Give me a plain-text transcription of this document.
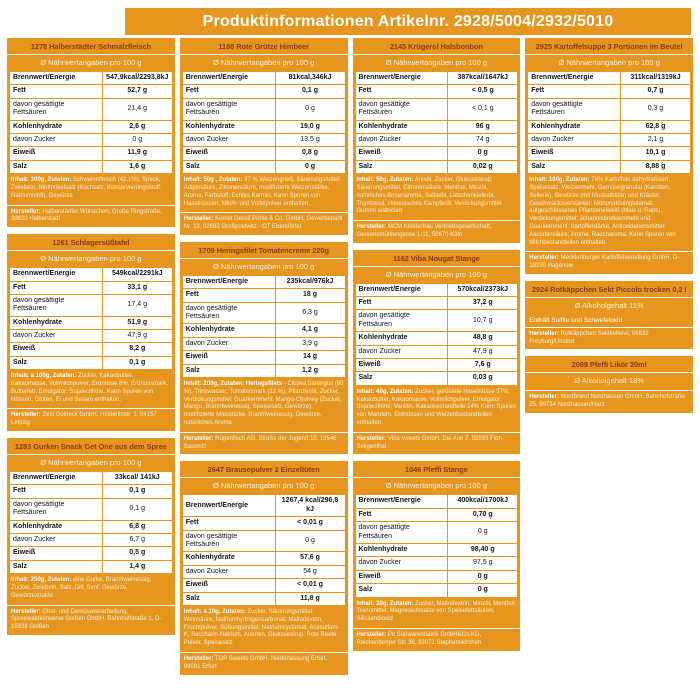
Produktinformationen Artikelnr. 2928/5004/2932/5010
1278 Halberstädter Schmalzfleisch
Ø Nährwertangaben pro 100 g
Brennwert/Energie	547,9kcal/2293,8kJ
Fett	52,7 g
davon gesättigte Fettsäuren	21,4 g
Kohlenhydrate	2,6 g
davon Zucker	0 g
Eiweiß	11,9 g
Salz	1,6 g
Inhalt: 300g, Zutaten: Schweinefleisch (42,1%), Speck, Zwiebeln, Nitritpökelsalz (Kochsalz, Konservierungsstoff: Natriumnitrit), Gewürze
Hersteller: Halberstädter Würstchen, Große Ringstraße, 38820 Halberstadt
1261 Schlagersüßtafel
Ø Nährwertangaben pro 100 g
Brennwert/Energie	549kcal/2291kJ
Fett	33,1 g
davon gesättigte Fettsäuren	17,4 g
Kohlenhydrate	51,9 g
davon Zucker	47,9 g
Eiweiß	8,2 g
Salz	0,1 g
Inhalt: a 100g, Zutaten: Zucker, Kakaobutter, Kakaomasse, Vollmilchpulver, Erdnüsse 8%, Erdnussmark, Butterfett, Emulgator: Sojalecithine. Kann Spuren von Nüssen, Gluten, Ei und Sesam enthalten.
Hersteller: Zetti Goldeck GmbH, Hölderlinstr. 1, 04157 Leipzig
1283 Gurken Snack Get One aus dem Spree
Ø Nährwertangaben pro 100 g
Brennwert/Energie	33kcal/ 141kJ
Fett	0,1 g
davon gesättigte Fettsäuren	0,1 g
Kohlenhydrate	6,8 g
davon Zucker	6,7 g
Eiweiß	0,5 g
Salz	1,4 g
Inhalt: 250g, Zutaten: eine Gurke, Branntweinessig, Zucker, Zwiebeln, Salz, Dill, Senf, Gewürze, Gewürzextrakte
Hersteller: Obst- und Gemüseverarbeitung, Spreewaldkonserve Golßen GmbH, Bahnhofstraße 1, D-15938 Golßen
1188 Rote Grütze Himbeer
Ø Nährwertangaben pro 100 g
Brennwert/Energie	81kcal,346kJ
Fett	0,1 g
davon gesättigte Fettsäuren	0 g
Kohlenhydrate	19,0 g
davon Zucker	13,5 g
Eiweiß	0,8 g
Salz	0 g
Inhalt: 50g , Zutaten: 97 % Weizengrieß, Säuerungsmittel Adipinsäure, Zitronensäure, modifizierte Weizenstärke, Aroma, Farbstoff: Echtes Karmin. Kann Spuren von Haselnüssen, Milch- und Volleipulver enthalten.
Hersteller: Komet Gerolf Pöhle & Co. GmbH, Gewerbepark Nr. 13, 02692 Großpostwitz - OT Ebendörfel
1709 Heringsfilet Tomatencreme 220g
Ø Nährwertangaben pro 100 g
Brennwert/Energie	235kcal/976kJ
Fett	18 g
davon gesättigte Fettsäuren	6,3 g
Kohlenhydrate	4,1 g
davon Zucker	3,9 g
Eiweiß	14 g
Salz	1,2 g
Inhalt: 200g, Zutaten: Heringsfilets - Clupea harengus (60 %), Trinkwasser, Tomatenmark (12 %), Pflanzenöl, Zucker, Verdickungsmittel: Guarkernmehl; Mango-Chutney (Zucker, Mango, Branntweinessig, Speisesalz, Gewürze), modifizierte Maisstärke, Branntweinessig, Gewürze, natürliches Aroma
Hersteller: Rügenfisch AG, Straße der Jugend 10, 18546 Sassnitz
2647 Brausepulver 2 Einzeltüten
Ø Nährwertangaben pro 100 g
Brennwert/Energie	1267,4 kcal/296,8 kJ
Fett	< 0,01 g
davon gesättigte Fettsäuren	0 g
Kohlenhydrate	57,6 g
davon Zucker	54 g
Eiweiß	< 0,01 g
Salz	11,8 g
Inhalt: a 10g, Zutaten: Zucker, Säuerungsmittel: Weinsäure, Natriumhydrogencarbonat; Maltodextrin, Fruchtpulver, Süßungsmittel: Natriumcyclamat, Acesulfam-K, Saccharin-Natrium, Aromen, Glukosesirup, Rote Beete Pulver, Speisesalz
Hersteller: TOP Sweets GmbH, Niederlassung Erfurt, 99091 Erfurt
2145 Krügerol Halsbonbon
Ø Nährwertangaben pro 100 g
Brennwert/Energie	387kcal/1647kJ
Fett	< 0,5 g
davon gesättigte Fettsäuren	< 0,1 g
Kohlenhydrate	96 g
davon Zucker	74 g
Eiweiß	0 g
Salz	0,02 g
Inhalt: 50g, Zutaten: Anisöl, Zucker, Glukosesirup, Säuerungsmittel, Citronensäure, Menthol, Minzöl, natürliches Birnenaroma, Salbeiöl, Latschenkieferöl, Thymianol, chinesisches Kampferöl, Verdickungsmittel Gummi arabicum
Hersteller: MCM Klosterfrau Vertriebsgesellschaft, Gereonsmühlengasse 1-11, 50670 Köln
1162 Viba Nougat Stange
Ø Nährwertangaben pro 100 g
Brennwert/Energie	570kcal/2373kJ
Fett	37,2 g
davon gesättigte Fettsäuren	10,7 g
Kohlenhydrate	48,8 g
davon Zucker	47,9 g
Eiweiß	7,6 g
Salz	0,03 g
Inhalt: 40g, Zutaten: Zucker, geröstete Haselnüsse 37%, Kakaobutter, Kakaomasse, Vollmilchpulver, Emulgator: Sojalecithine; Vanillin. Kakaobestandteile 14% Kann Spuren von Mandeln, Erdnüssen und Weizenbestandteilen enthalten.
Hersteller: Viba sweets GmbH, Die Aue 7, 98593 Floh-Seligenthal
1046 Pfeffi Stange
Ø Nährwertangaben pro 100 g
Brennwert/Energie	400kcal/1700kJ
Fett	0,70 g
davon gesättigte Fettsäuren	0 g
Kohlenhydrate	98,40 g
davon Zucker	97,5 g
Eiweiß	0 g
Salz	0 g
Inhalt: 20g, Zutaten: Zucker, Maltodextrin, Minzöl, Menthol, Trennmittel: Magnesiumsalze von Speisefettsäuren; Siliciumdioxid
Hersteller: Pit Süßwarenfabrik GmbH&Co.KG, Reichenberger Str. 36, 83071 Stephanskirchen
2925 Kartoffelsuppe 3 Portionen im Beutel
Ø Nährwertangaben pro 100 g
Brennwert/Energie	311kcal/1319kJ
Fett	0,7 g
davon gesättigte Fettsäuren	0,3 g
Kohlenhydrate	62,8 g
davon Zucker	2,1 g
Eiweiß	10,1 g
Salz	8,88 g
Inhalt: 100g, Zutaten: 76% Kartoffeln dehydratisiert, Speisesalz, Weizenmehl, Gemüsegranulat (Karotten, Sellerie), Gewürze (mit Muskatblüte) und Kräuter, Geschmacksverstärker: Mononatriumglutamat; aufgeschlossenes Pflanzeneiweiß (Mais u. Raps), Verdickungsmittel: Johannisbrotkernmehl und Guarkernmehl; Kartoffelstärke, Antioxidationsmittel: Ascorbinsäure; Aroma, Raucharoma. Kann Spuren von Milchbestandteilen enthalten.
Hersteller: Mecklenburger Kartoffelveredlung GmbH, D-19230 Hagenow
2924 Rotkäppchen Sekt Piccolo trocken 0,2 l
Ø Alkoholgehalt 11%
Enthält Sulfite und Schwefeloxid
Hersteller: Rotkäppchen Sektkellerei, 06632 Freyburg/Unstrut
2089 Pfeffi Likör 20ml
Ø Alkoholgehalt 18%
Hersteller: Nordbrand Nordhausen GmbH, Bahnhofstraße 25, 99734 Nordhausen/Harz
